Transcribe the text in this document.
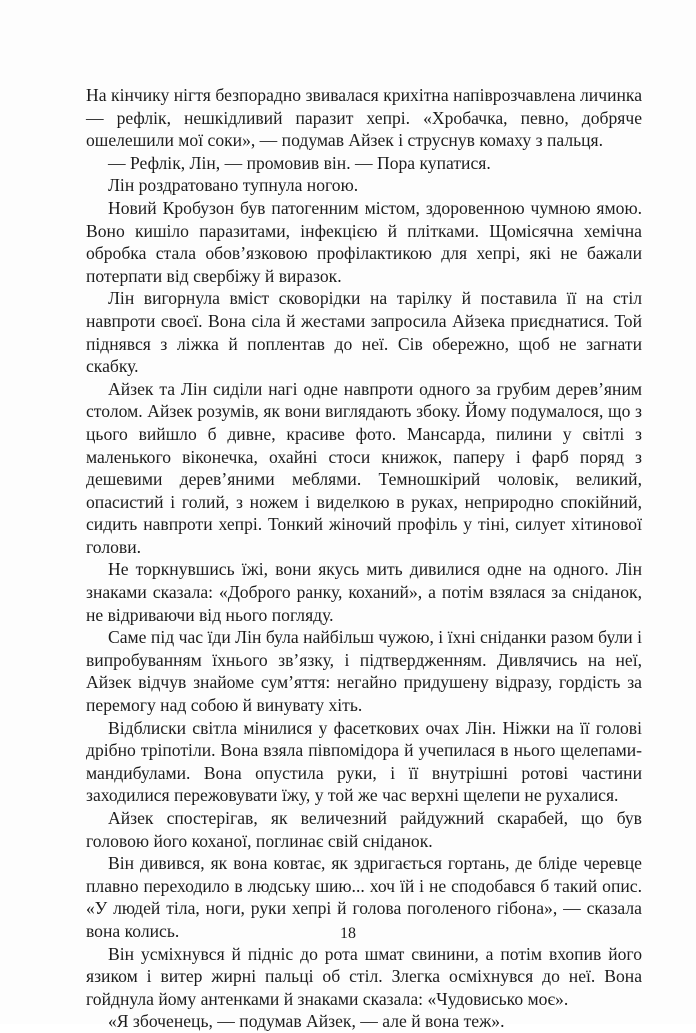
На кінчику нігтя безпорадно звивалася крихітна напіврозчавлена личинка — рефлік, нешкідливий паразит хепрі. «Хробачка, певно, добряче ошелешили мої соки», — подумав Айзек і струснув комаху з пальця.

— Рефлік, Лін, — промовив він. — Пора купатися.

Лін роздратовано тупнула ногою.

Новий Кробузон був патогенним містом, здоровенною чумною ямою. Воно кишіло паразитами, інфекцією й плітками. Щомісячна хемічна обробка стала обов’язковою профілактикою для хепрі, які не бажали потерпати від свербіжу й виразок.

Лін вигорнула вміст сковорідки на тарілку й поставила її на стіл навпроти своєї. Вона сіла й жестами запросила Айзека приєднатися. Той піднявся з ліжка й поплентав до неї. Сів обережно, щоб не загнати скабку.

Айзек та Лін сиділи нагі одне навпроти одного за грубим дерев’яним столом. Айзек розумів, як вони виглядають збоку. Йому подумалося, що з цього вийшло б дивне, красиве фото. Мансарда, пилини у світлі з маленького віконечка, охайні стоси книжок, паперу і фарб поряд з дешевими дерев’яними меблями. Темношкірий чоловік, великий, опасистий і голий, з ножем і виделкою в руках, неприродно спокійний, сидить навпроти хепрі. Тонкий жіночий профіль у тіні, силует хітинової голови.

Не торкнувшись їжі, вони якусь мить дивилися одне на одного. Лін знаками сказала: «Доброго ранку, коханий», а потім взялася за сніданок, не відриваючи від нього погляду.

Саме під час їди Лін була найбільш чужою, і їхні сніданки разом були і випробуванням їхнього зв’язку, і підтвердженням. Дивлячись на неї, Айзек відчув знайоме сум’яття: негайно придушену відразу, гордість за перемогу над собою й винувату хіть.

Відблиски світла мінилися у фасеткових очах Лін. Ніжки на її голові дрібно тріпотіли. Вона взяла півпомідора й учепилася в нього щелепами-мандибулами. Вона опустила руки, і її внутрішні ротові частини заходилися пережовувати їжу, у той же час верхні щелепи не рухалися.

Айзек спостерігав, як величезний райдужний скарабей, що був головою його коханої, поглинає свій сніданок.

Він дивився, як вона ковтає, як здригається гортань, де бліде черевце плавно переходило в людську шию... хоч їй і не сподобався б такий опис. «У людей тіла, ноги, руки хепрі й голова поголеного гібона», — сказала вона колись.

Він усміхнувся й підніс до рота шмат свинини, а потім вхопив його язиком і витер жирні пальці об стіл. Злегка осміхнувся до неї. Вона гойднула йому антенками й знаками сказала: «Чудовисько моє».

«Я збоченець, — подумав Айзек, — але й вона теж».

18
